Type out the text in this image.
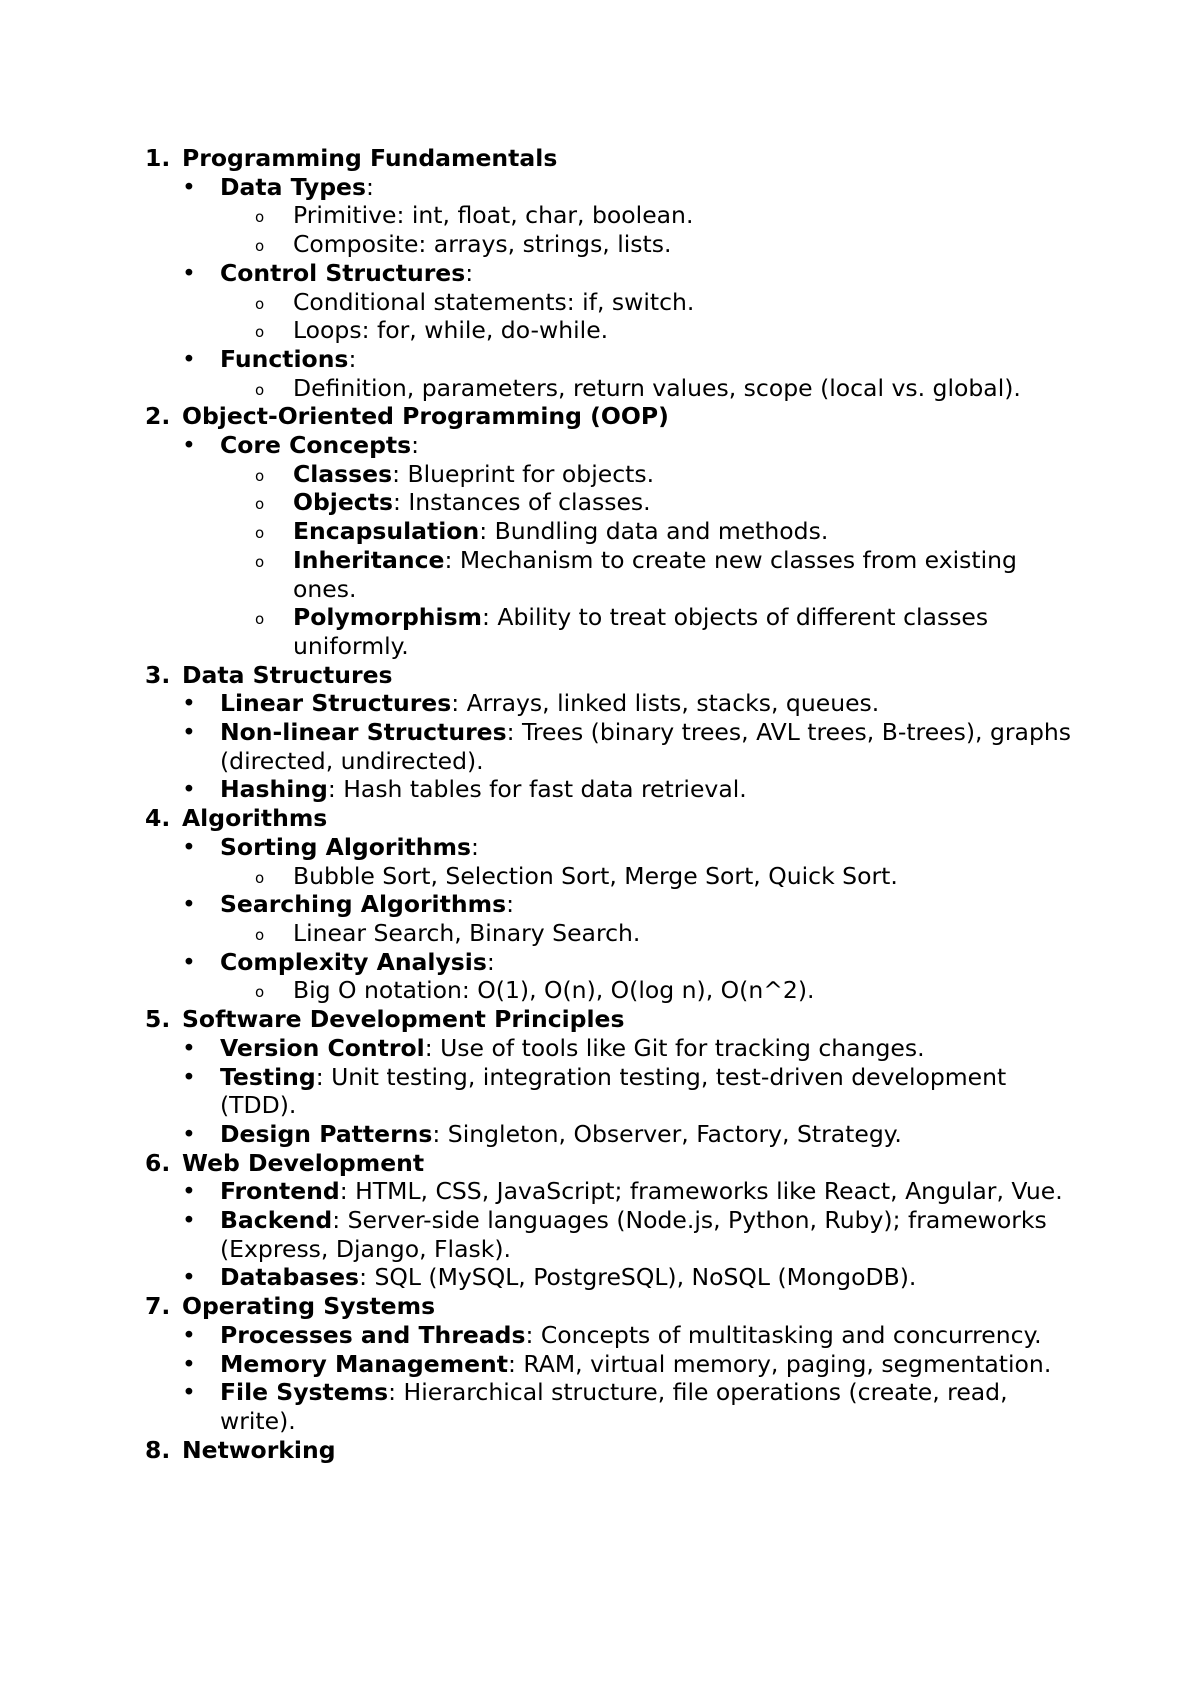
1. Programming Fundamentals
• Data Types:
o Primitive: int, float, char, boolean.
o Composite: arrays, strings, lists.
• Control Structures:
o Conditional statements: if, switch.
o Loops: for, while, do-while.
• Functions:
o Definition, parameters, return values, scope (local vs. global).
2. Object-Oriented Programming (OOP)
• Core Concepts:
o Classes: Blueprint for objects.
o Objects: Instances of classes.
o Encapsulation: Bundling data and methods.
o Inheritance: Mechanism to create new classes from existing ones.
o Polymorphism: Ability to treat objects of different classes uniformly.
3. Data Structures
• Linear Structures: Arrays, linked lists, stacks, queues.
• Non-linear Structures: Trees (binary trees, AVL trees, B-trees), graphs (directed, undirected).
• Hashing: Hash tables for fast data retrieval.
4. Algorithms
• Sorting Algorithms:
o Bubble Sort, Selection Sort, Merge Sort, Quick Sort.
• Searching Algorithms:
o Linear Search, Binary Search.
• Complexity Analysis:
o Big O notation: O(1), O(n), O(log n), O(n^2).
5. Software Development Principles
• Version Control: Use of tools like Git for tracking changes.
• Testing: Unit testing, integration testing, test-driven development (TDD).
• Design Patterns: Singleton, Observer, Factory, Strategy.
6. Web Development
• Frontend: HTML, CSS, JavaScript; frameworks like React, Angular, Vue.
• Backend: Server-side languages (Node.js, Python, Ruby); frameworks (Express, Django, Flask).
• Databases: SQL (MySQL, PostgreSQL), NoSQL (MongoDB).
7. Operating Systems
• Processes and Threads: Concepts of multitasking and concurrency.
• Memory Management: RAM, virtual memory, paging, segmentation.
• File Systems: Hierarchical structure, file operations (create, read, write).
8. Networking
